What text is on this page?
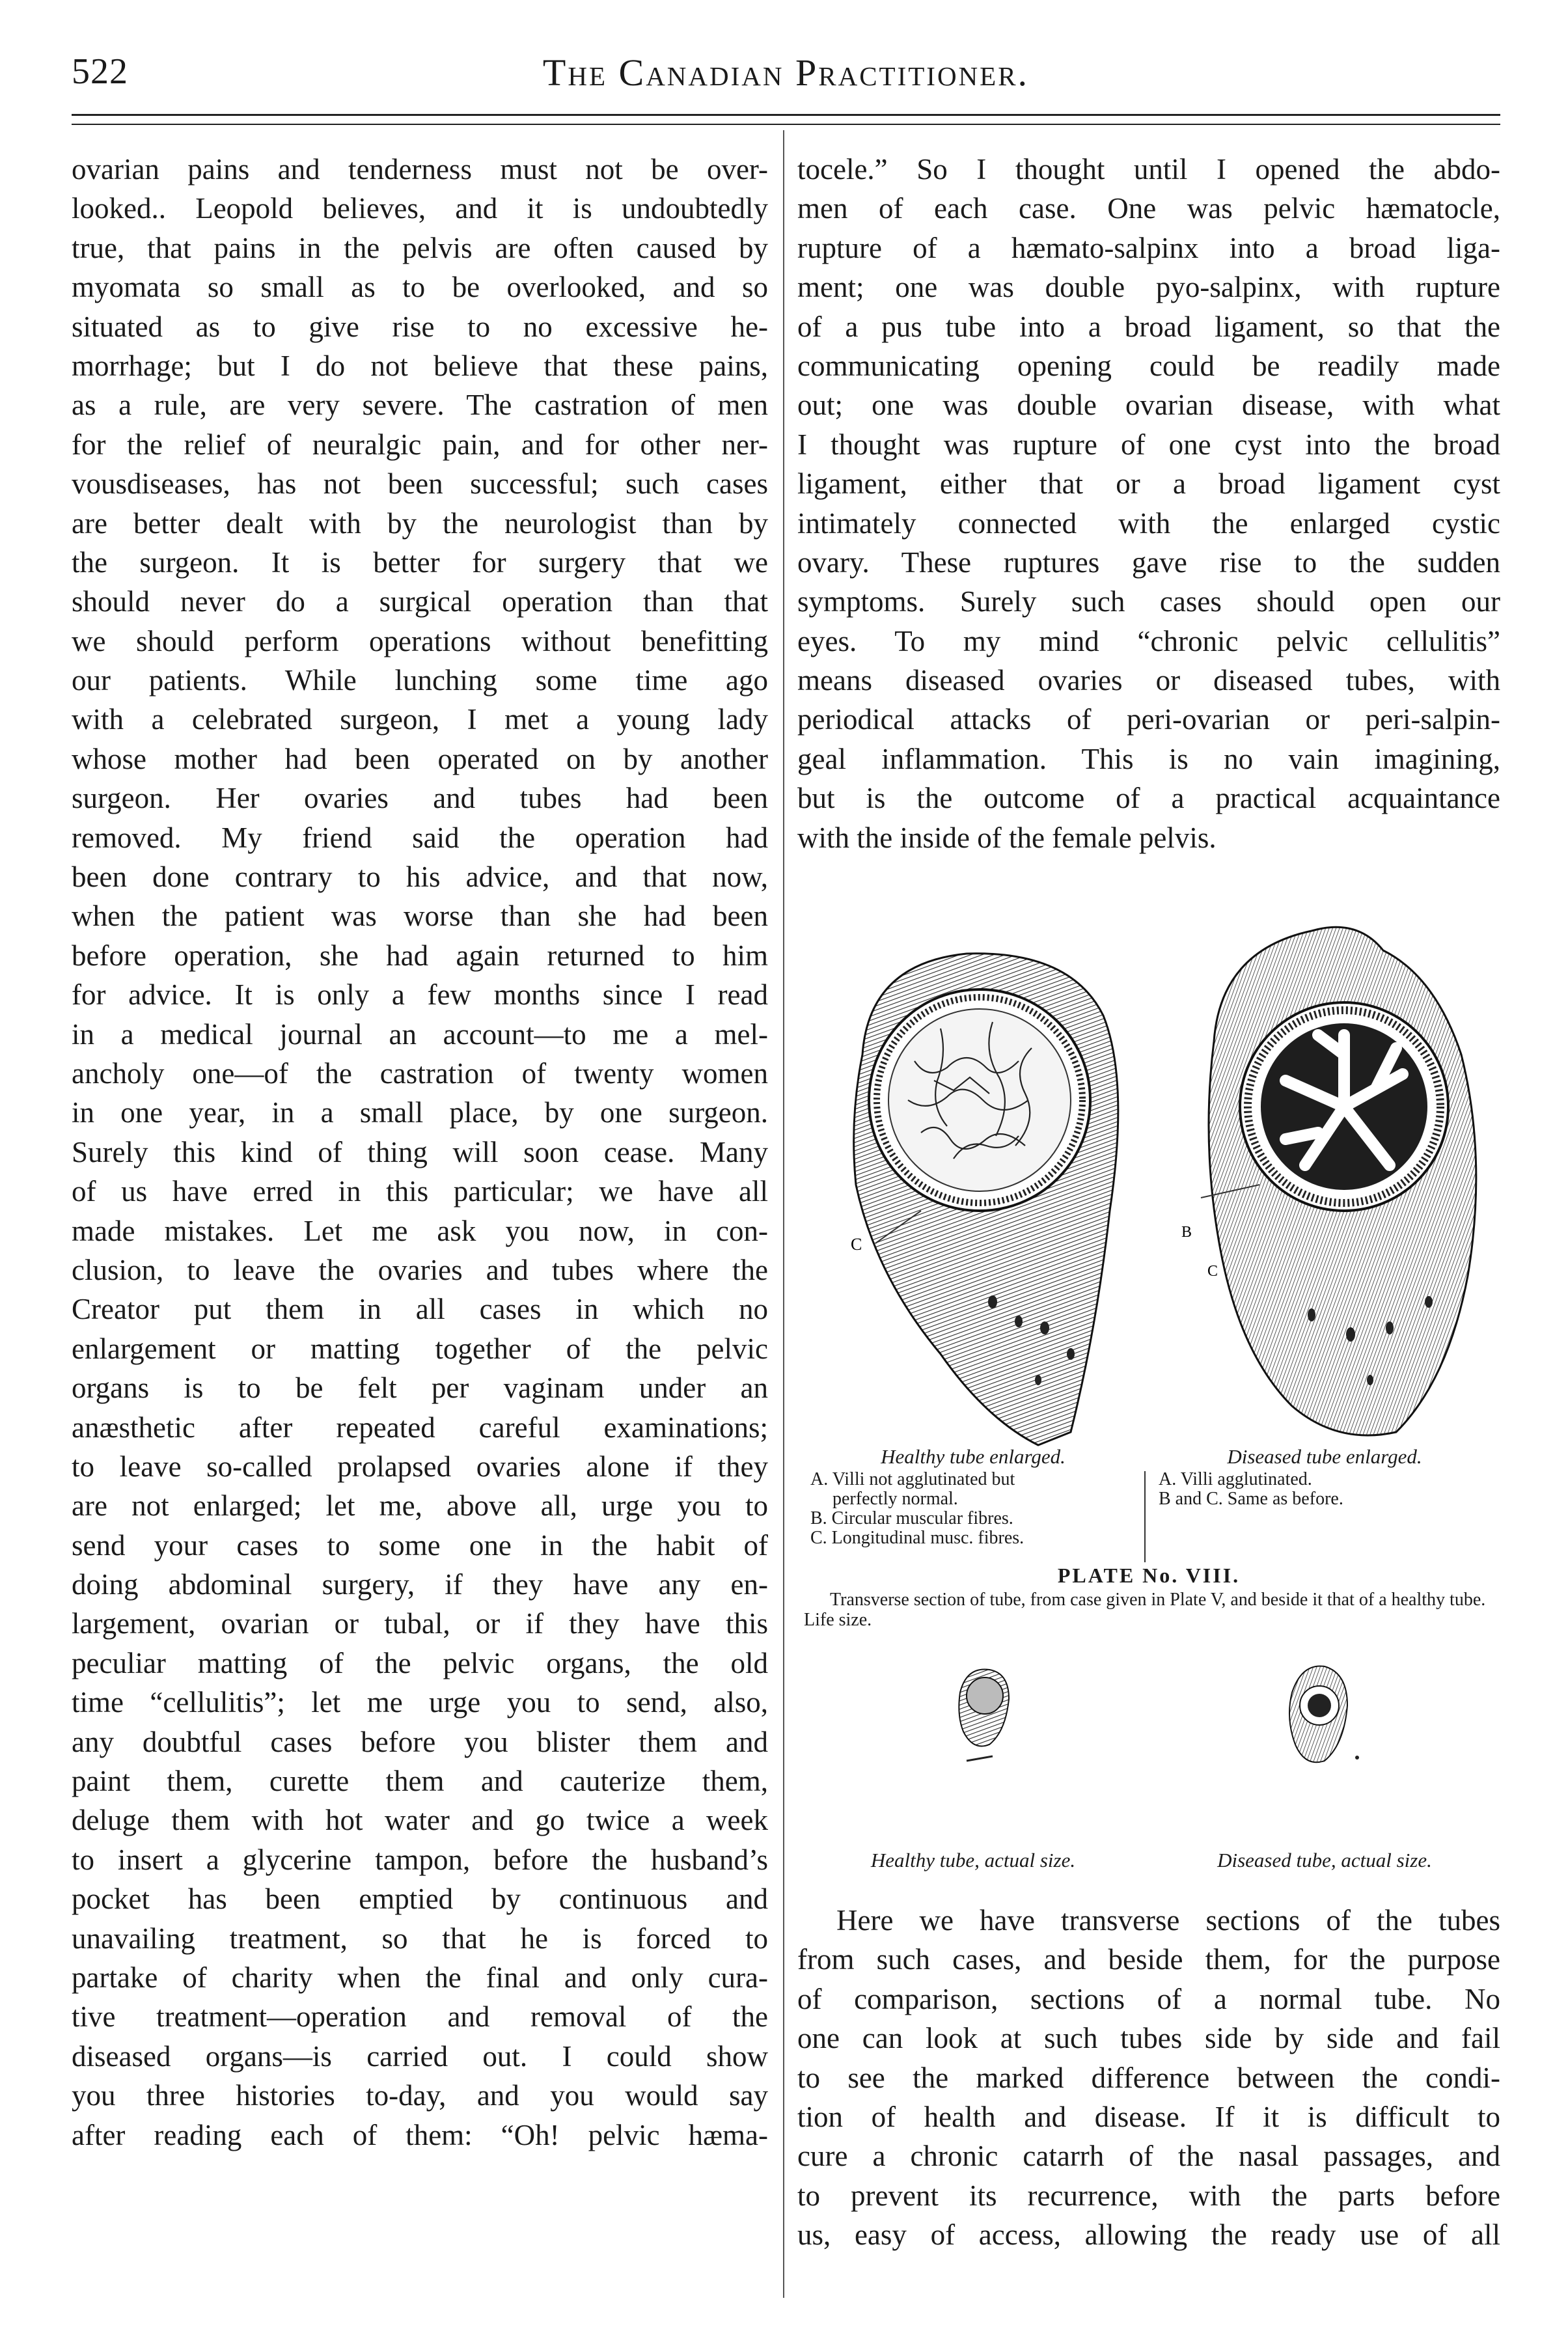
522	The Canadian Practitioner.
ovarian pains and tenderness must not be over-
looked.. Leopold believes, and it is undoubtedly
true, that pains in the pelvis are often caused by
myomata so small as to be overlooked, and so
situated as to give rise to no excessive he-
morrhage; but I do not believe that these pains,
as a rule, are very severe. The castration of men
for the relief of neuralgic pain, and for other ner-
vousdiseases, has not been successful; such cases
are better dealt with by the neurologist than by
the surgeon. It is better for surgery that we
should never do a surgical operation than that
we should perform operations without benefitting
our patients. While lunching some time ago
with a celebrated surgeon, I met a young lady
whose mother had been operated on by another
surgeon. Her ovaries and tubes had been
removed. My friend said the operation had
been done contrary to his advice, and that now,
when the patient was worse than she had been
before operation, she had again returned to him
for advice. It is only a few months since I read
in a medical journal an account—to me a mel-
ancholy one—of the castration of twenty women
in one year, in a small place, by one surgeon.
Surely this kind of thing will soon cease. Many
of us have erred in this particular; we have all
made mistakes. Let me ask you now, in con-
clusion, to leave the ovaries and tubes where the
Creator put them in all cases in which no
enlargement or matting together of the pelvic
organs is to be felt per vaginam under an
anæsthetic after repeated careful examinations;
to leave so-called prolapsed ovaries alone if they
are not enlarged; let me, above all, urge you to
send your cases to some one in the habit of
doing abdominal surgery, if they have any en-
largement, ovarian or tubal, or if they have this
peculiar matting of the pelvic organs, the old
time “cellulitis”; let me urge you to send, also,
any doubtful cases before you blister them and
paint them, curette them and cauterize them,
deluge them with hot water and go twice a week
to insert a glycerine tampon, before the husband’s
pocket has been emptied by continuous and
unavailing treatment, so that he is forced to
partake of charity when the final and only cura-
tive treatment—operation and removal of the
diseased organs—is carried out. I could show
you three histories to-day, and you would say
after reading each of them: “Oh! pelvic hæma-
tocele.” So I thought until I opened the abdo-
men of each case. One was pelvic hæmatocle,
rupture of a hæmato-salpinx into a broad liga-
ment; one was double pyo-salpinx, with rupture
of a pus tube into a broad ligament, so that the
communicating opening could be readily made
out; one was double ovarian disease, with what
I thought was rupture of one cyst into the broad
ligament, either that or a broad ligament cyst
intimately connected with the enlarged cystic
ovary. These ruptures gave rise to the sudden
symptoms. Surely such cases should open our
eyes. To my mind “chronic pelvic cellulitis”
means diseased ovaries or diseased tubes, with
periodical attacks of peri-ovarian or peri-salpin-
geal inflammation. This is no vain imagining,
but is the outcome of a practical acquaintance
with the inside of the female pelvis.
C
B
C
Healthy tube enlarged.	Diseased tube enlarged.
A. Villi not agglutinated but
perfectly normal.
B. Circular muscular fibres.
C. Longitudinal musc. fibres.
A. Villi agglutinated.
B and C. Same as before.
PLATE No. VIII.
Transverse section of tube, from case given in Plate V, and beside it that of a healthy tube. Life size.
Healthy tube, actual size.	Diseased tube, actual size.
Here we have transverse sections of the tubes
from such cases, and beside them, for the purpose
of comparison, sections of a normal tube. No
one can look at such tubes side by side and fail
to see the marked difference between the condi-
tion of health and disease. If it is difficult to
cure a chronic catarrh of the nasal passages, and
to prevent its recurrence, with the parts before
us, easy of access, allowing the ready use of all
